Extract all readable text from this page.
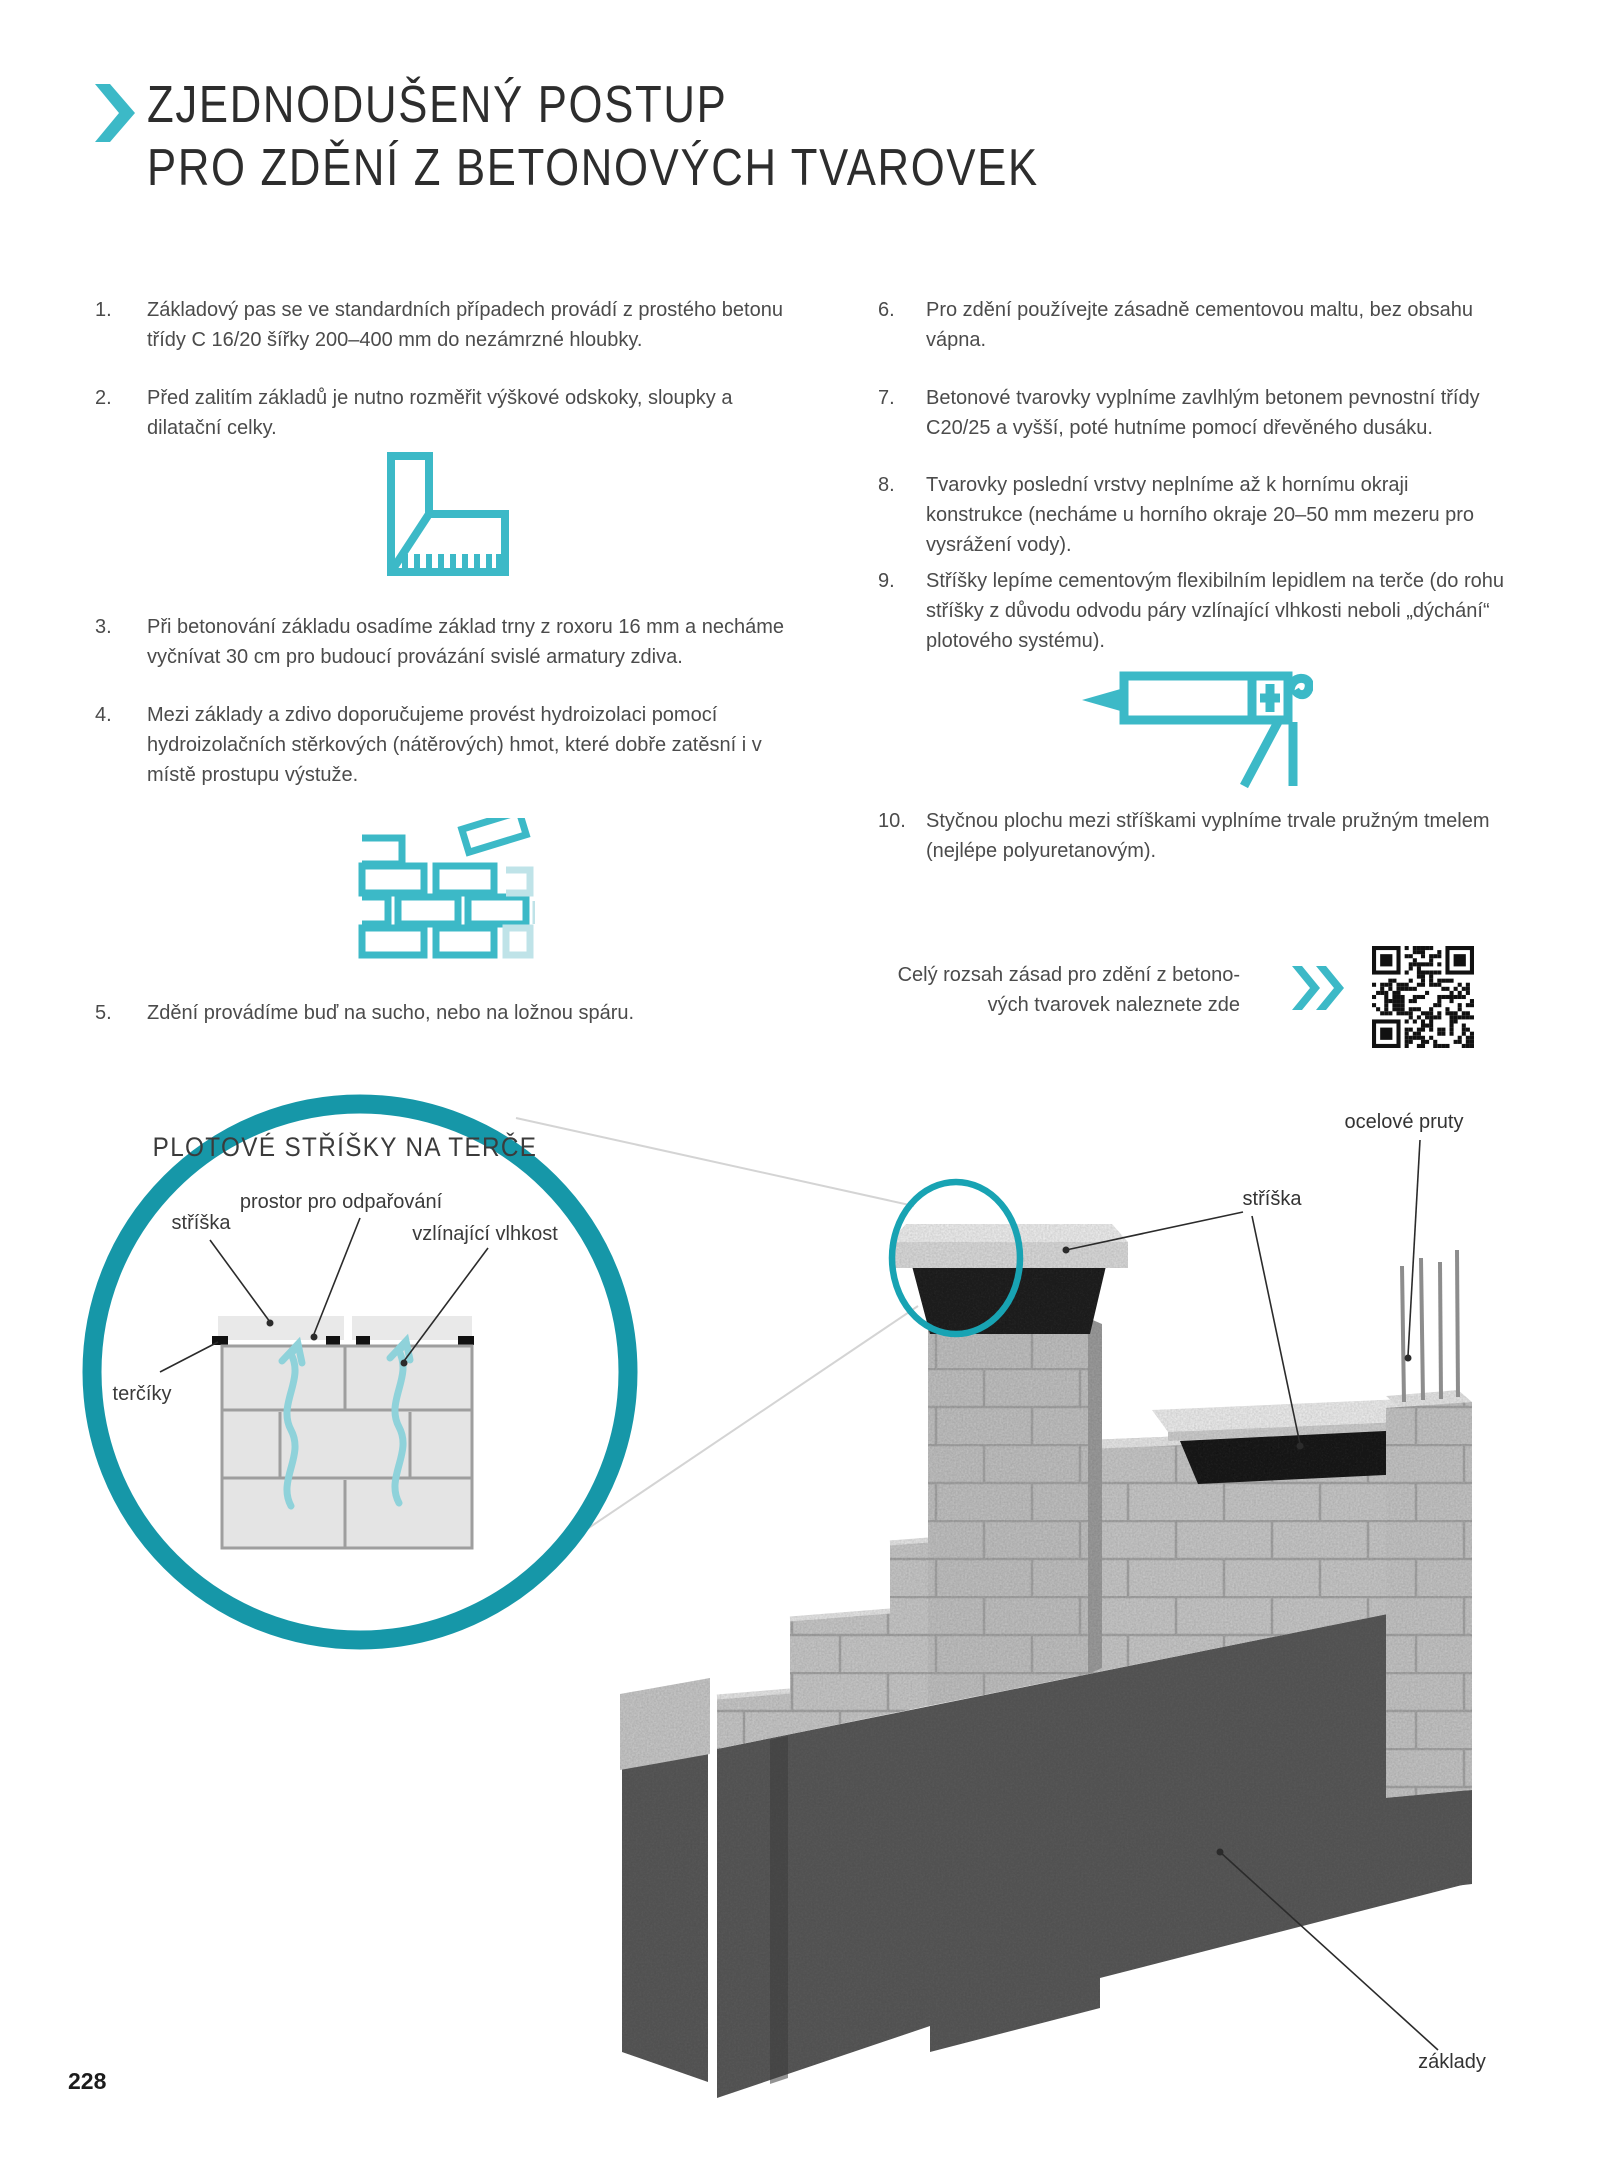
ZJEDNODUŠENÝ POSTUP
PRO ZDĚNÍ Z BETONOVÝCH TVAROVEK
1.	Základový pas se ve standardních případech provádí z prostého betonu třídy C 16/20 šířky 200–400 mm do nezámrzné hloubky.
2.	Před zalitím základů je nutno rozměřit výškové odskoky, sloupky a dilatační celky.
3.	Při betonování základu osadíme základ trny z roxoru 16 mm a necháme vyčnívat 30 cm pro budoucí provázání svislé armatury zdiva.
4.	Mezi základy a zdivo doporučujeme provést hydroizolaci pomocí hydroizolačních stěrkových (nátěrových) hmot, které dobře zatěsní i v místě prostupu výstuže.
5.	Zdění provádíme buď na sucho, nebo na ložnou spáru.
6.	Pro zdění používejte zásadně cementovou maltu, bez obsahu vápna.
7.	Betonové tvarovky vyplníme zavlhlým betonem pevnostní třídy C20/25 a vyšší, poté hutníme pomocí dřevěného dusáku.
8.	Tvarovky poslední vrstvy neplníme až k hornímu okraji konstrukce (necháme u horního okraje 20–50 mm mezeru pro vysrážení vody).
9.	Stříšky lepíme cementovým flexibilním lepidlem na terče (do rohu stříšky z důvodu odvodu páry vzlínající vlhkosti neboli „dýchání“ plotového systému).
10.	Styčnou plochu mezi stříškami vyplníme trvale pružným tmelem (nejlépe polyuretanovým).
Celý rozsah zásad pro zdění z betono-
vých tvarovek naleznete zde
PLOTOVÉ STŘÍŠKY NA TERČE
stříška
prostor pro odpařování
vzlínající vlhkost
terčíky
stříška
ocelové pruty
základy
228
